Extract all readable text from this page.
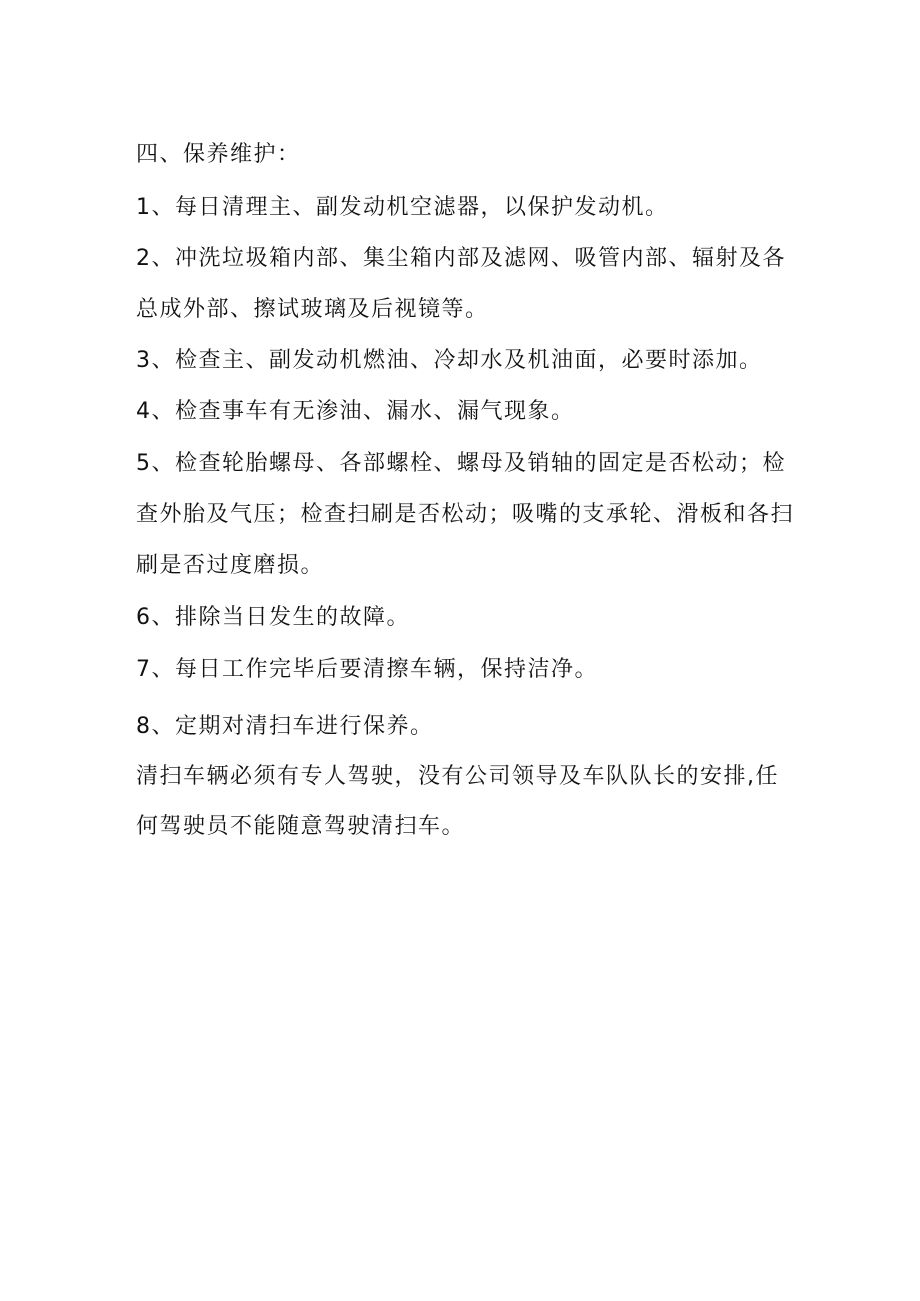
四、保养维护：

1、每日清理主、副发动机空滤器，以保护发动机。

2、冲洗垃圾箱内部、集尘箱内部及滤网、吸管内部、辐射及各

总成外部、擦试玻璃及后视镜等。

3、检查主、副发动机燃油、冷却水及机油面，必要时添加。

4、检查事车有无渗油、漏水、漏气现象。

5、检查轮胎螺母、各部螺栓、螺母及销轴的固定是否松动；检

查外胎及气压；检查扫刷是否松动；吸嘴的支承轮、滑板和各扫

刷是否过度磨损。

6、排除当日发生的故障。

7、每日工作完毕后要清擦车辆，保持洁净。

8、定期对清扫车进行保养。

清扫车辆必须有专人驾驶，没有公司领导及车队队长的安排,任

何驾驶员不能随意驾驶清扫车。
